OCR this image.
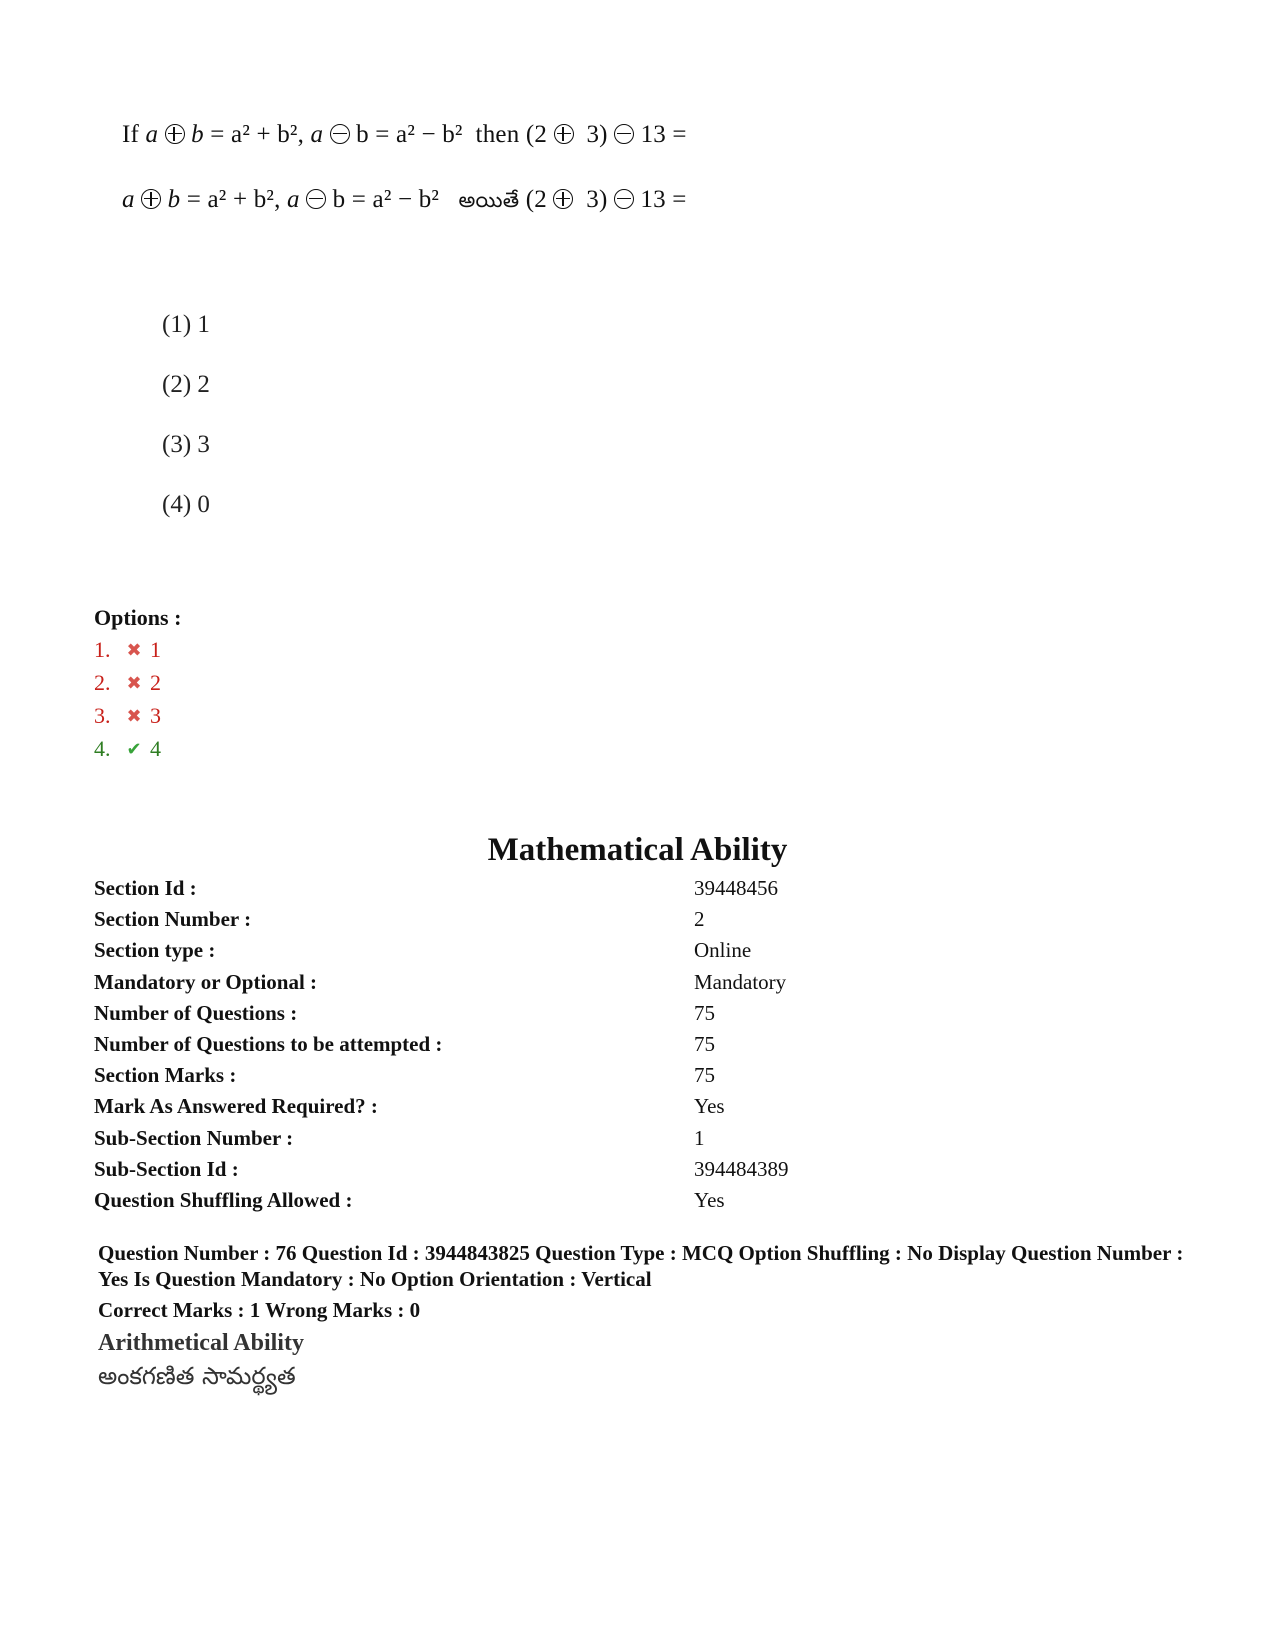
If a b = a² + b², a b = a² − b² then (2 3) 13 =
a b = a² + b², a b = a² − b² అయితే (2 3) 13 =
(1) 1
(2) 2
(3) 3
(4) 0
Options :
1. ✖ 1
2. ✖ 2
3. ✖ 3
4. ✔ 4
Mathematical Ability
Section Id :	39448456
Section Number :	2
Section type :	Online
Mandatory or Optional :	Mandatory
Number of Questions :	75
Number of Questions to be attempted :	75
Section Marks :	75
Mark As Answered Required? :	Yes
Sub-Section Number :	1
Sub-Section Id :	394484389
Question Shuffling Allowed :	Yes
Question Number : 76 Question Id : 3944843825 Question Type : MCQ Option Shuffling : No Display Question Number : Yes Is Question Mandatory : No Option Orientation : Vertical
Correct Marks : 1 Wrong Marks : 0
Arithmetical Ability
అంకగణిత సామర్థ్యత
